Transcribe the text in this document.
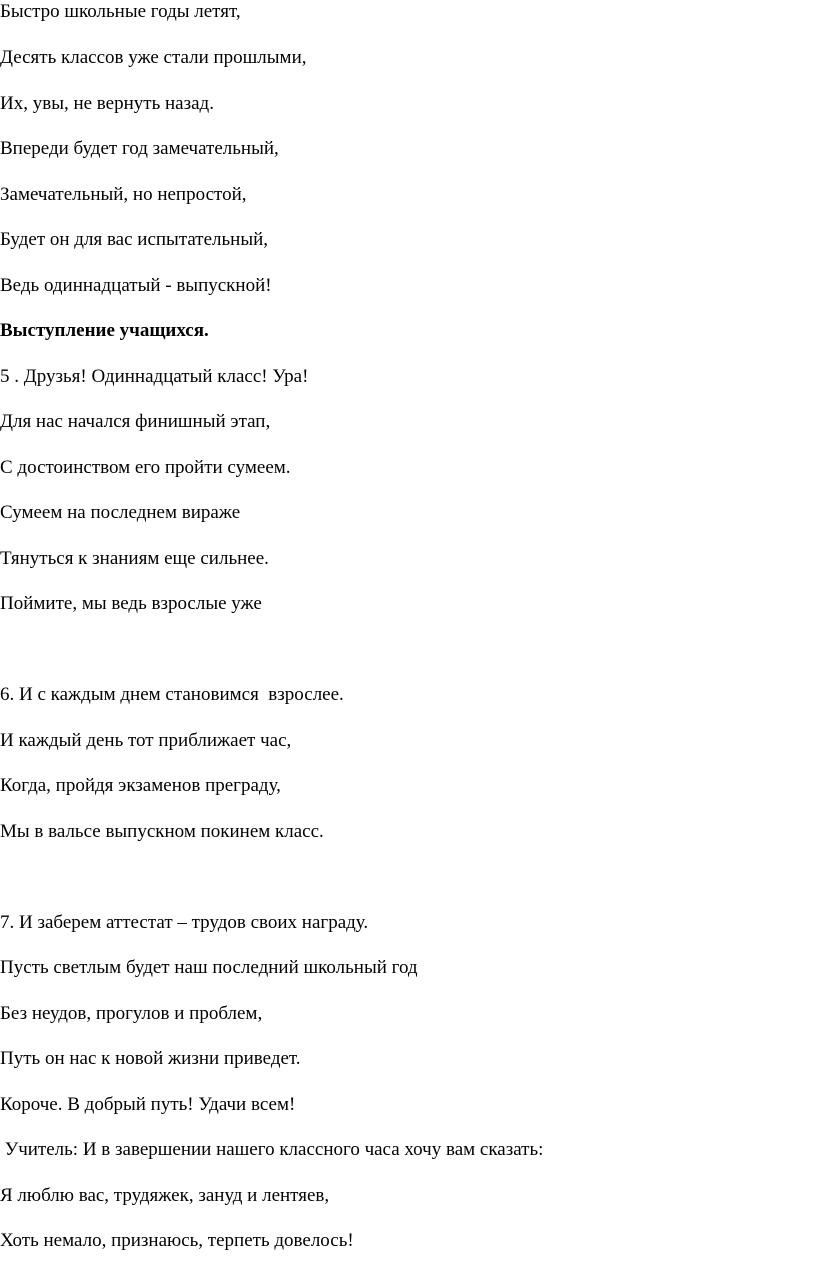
Быстро школьные годы летят,

Десять классов уже стали прошлыми,

Их, увы, не вернуть назад.

Впереди будет год замечательный,

Замечательный, но непростой,

Будет он для вас испытательный,

Ведь одиннадцатый - выпускной!

Выступление учащихся.

5 . Друзья! Одиннадцатый класс! Ура!

Для нас начался финишный этап,

С достоинством его пройти сумеем.

Сумеем на последнем вираже

Тянуться к знаниям еще сильнее.

Поймите, мы ведь взрослые уже

6. И с каждым днем становимся  взрослее.

И каждый день тот приближает час,

Когда, пройдя экзаменов преграду,

Мы в вальсе выпускном покинем класс.

7. И заберем аттестат – трудов своих награду.

Пусть светлым будет наш последний школьный год

Без неудов, прогулов и проблем,

Путь он нас к новой жизни приведет.

Короче. В добрый путь! Удачи всем!

Учитель: И в завершении нашего классного часа хочу вам сказать:

Я люблю вас, трудяжек, зануд и лентяев,

Хоть немало, признаюсь, терпеть довелось!
